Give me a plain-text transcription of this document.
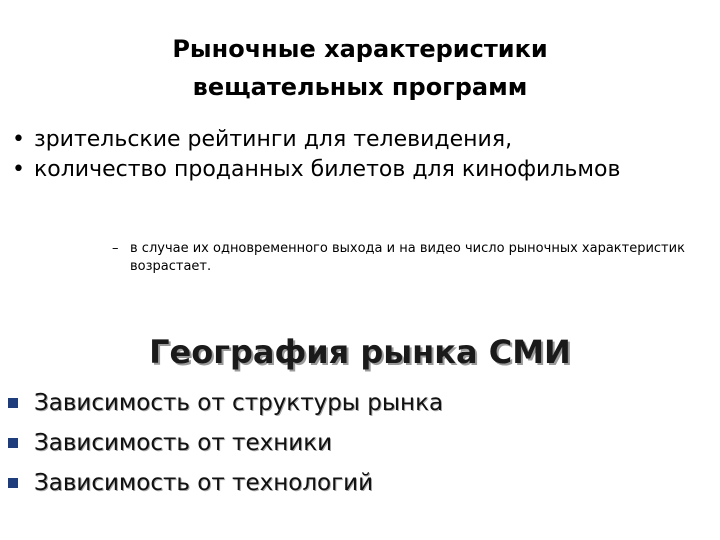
Рыночные характеристики
вещательных программ
• зрительские рейтинги для телевидения,
• количество проданных билетов для кинофильмов
– в случае их одновременного выхода и на видео число рыночных характеристик возрастает.
География рынка СМИ
Зависимость от структуры рынка
Зависимость от техники
Зависимость от технологий
